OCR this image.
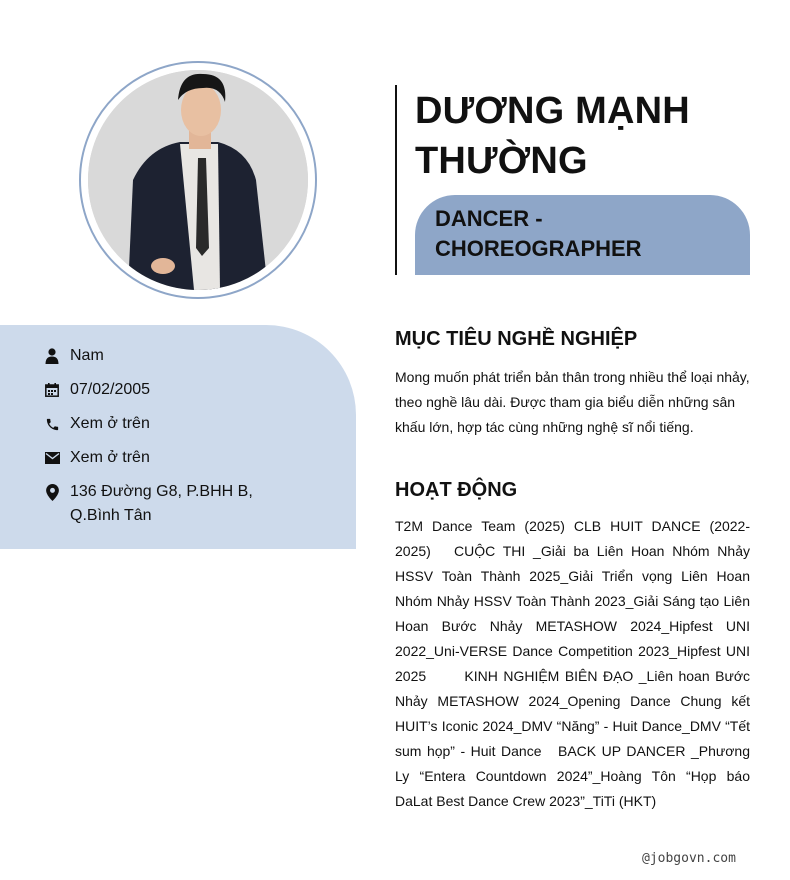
Nam
07/02/2005
Xem ở trên
Xem ở trên
136 Đường G8, P.BHH B, Q.Bình Tân
DƯƠNG MẠNH THƯỜNG
DANCER - CHOREOGRAPHER
MỤC TIÊU NGHỀ NGHIỆP
Mong muốn phát triển bản thân trong nhiều thể loại nhảy, theo nghề lâu dài. Được tham gia biểu diễn những sân khấu lớn, hợp tác cùng những nghệ sĩ nổi tiếng.
HOẠT ĐỘNG
T2M Dance Team (2025) CLB HUIT DANCE (2022-2025)   CUỘC THI _Giải ba Liên Hoan Nhóm Nhảy HSSV Toàn Thành 2025_Giải Triển vọng Liên Hoan Nhóm Nhảy HSSV Toàn Thành 2023_Giải Sáng tạo Liên Hoan Bước Nhảy METASHOW 2024_Hipfest UNI 2022_Uni-VERSE Dance Competition 2023_Hipfest UNI 2025       KINH NGHIỆM BIÊN ĐẠO _Liên hoan Bước Nhảy METASHOW 2024_Opening Dance Chung kết HUIT’s Iconic 2024_DMV “Năng” - Huit Dance_DMV “Tết sum họp” - Huit Dance   BACK UP DANCER _Phương Ly “Entera Countdown 2024”_Hoàng Tôn “Họp báo DaLat Best Dance Crew 2023”_TiTi (HKT)
@jobgovn.com
